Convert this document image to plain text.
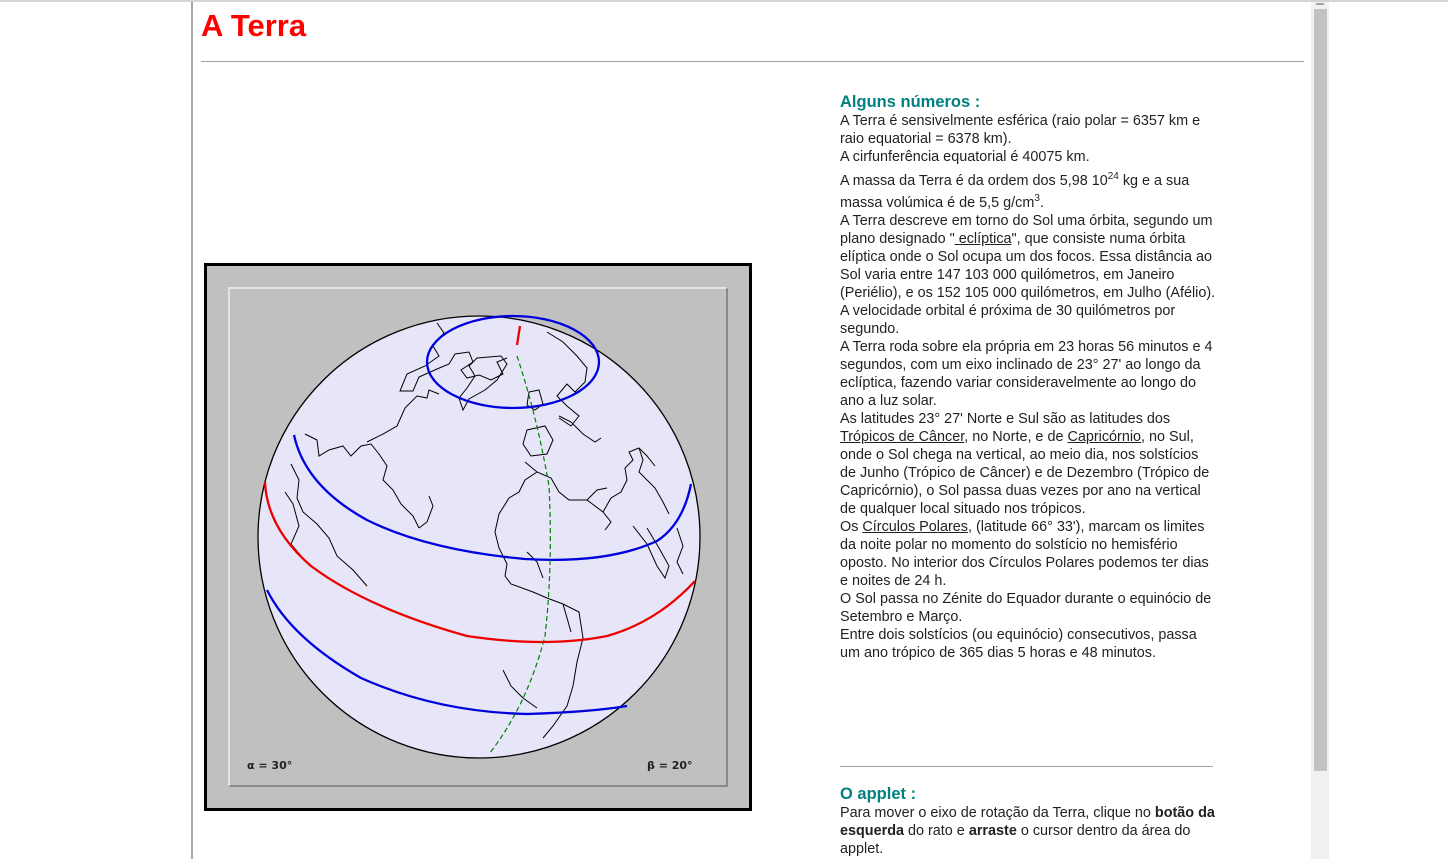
A Terra
α = 30°	β = 20°
Alguns números :

A Terra é sensivelmente esférica (raio polar = 6357 km e raio equatorial = 6378 km).

A cirfunferência equatorial é 40075 km.

A massa da Terra é da ordem dos 5,98 $10^{24}$ kg e a sua massa volúmica é de 5,5 $g/cm^3$.

A Terra descreve em torno do Sol uma órbita, segundo um plano designado " eclíptica", que consiste numa órbita elíptica onde o Sol ocupa um dos focos. Essa distância ao Sol varia entre 147 103 000 quilómetros, em Janeiro (Periélio), e os 152 105 000 quilómetros, em Julho (Afélio).

A velocidade orbital é próxima de 30 quilómetros por segundo.

A Terra roda sobre ela própria em 23 horas 56 minutos e 4 segundos, com um eixo inclinado de 23° 27' ao longo da eclíptica, fazendo variar consideravelmente ao longo do ano a luz solar.

As latitudes 23° 27' Norte e Sul são as latitudes dos Trópicos de Câncer, no Norte, e de Capricórnio, no Sul, onde o Sol chega na vertical, ao meio dia, nos solstícios de Junho (Trópico de Câncer) e de Dezembro (Trópico de Capricórnio), o Sol passa duas vezes por ano na vertical de qualquer local situado nos trópicos.

Os Círculos Polares, (latitude 66° 33'), marcam os limites da noite polar no momento do solstício no hemisfério oposto. No interior dos Círculos Polares podemos ter dias e noites de 24 h.

O Sol passa no Zénite do Equador durante o equinócio de Setembro e Março.

Entre dois solstícios (ou equinócio) consecutivos, passa um ano trópico de 365 dias 5 horas e 48 minutos.

O applet :

Para mover o eixo de rotação da Terra, clique no botão da esquerda do rato e arraste o cursor dentro da área do applet.
